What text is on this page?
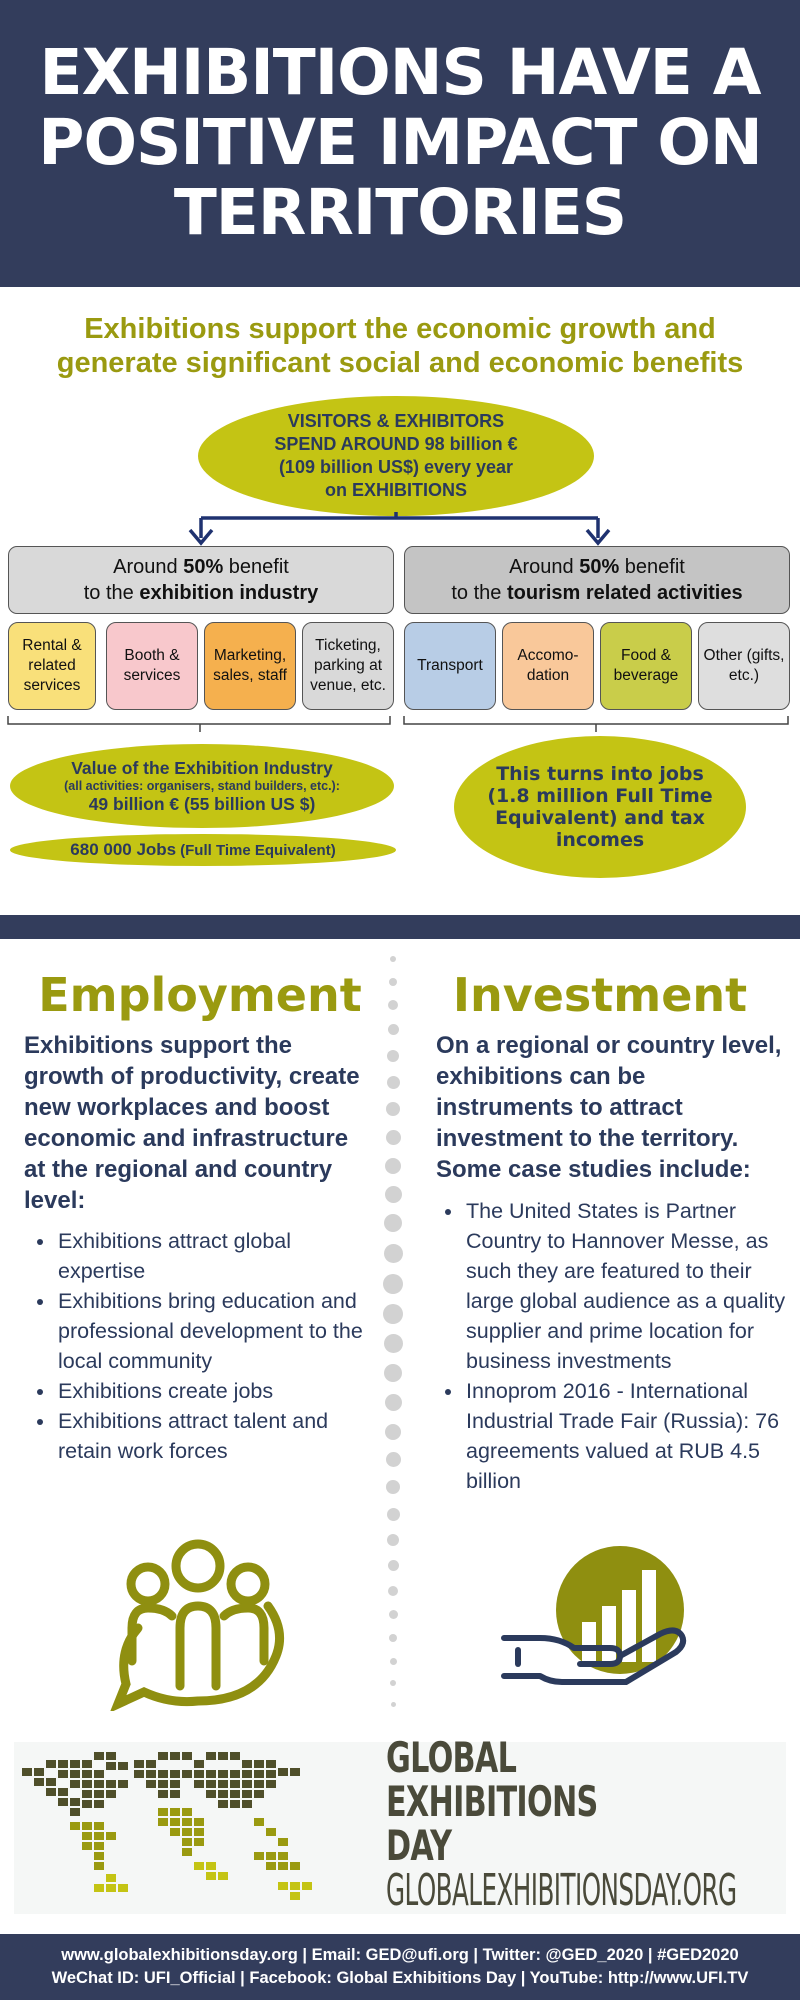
EXHIBITIONS HAVE A
POSITIVE IMPACT ON
TERRITORIES
Exhibitions support the economic growth and
generate significant social and economic benefits
VISITORS & EXHIBITORS
SPEND AROUND 98 billion €
(109 billion US$) every year
on EXHIBITIONS
Around 50% benefit
to the exhibition industry
Around 50% benefit
to the tourism related activities
Rental & related services
Booth & services
Marketing, sales, staff
Ticketing, parking at venue, etc.
Transport
Accomo-dation
Food & beverage
Other (gifts, etc.)
Value of the Exhibition Industry
(all activities: organisers, stand builders, etc.):
49 billion € (55 billion US $)
680 000 Jobs (Full Time Equivalent)
This turns into jobs (1.8 million Full Time Equivalent) and tax incomes
Employment
Exhibitions support the growth of productivity, create new workplaces and boost economic and infrastructure at the regional and country level:
• Exhibitions attract global expertise
• Exhibitions bring education and professional development to the local community
• Exhibitions create jobs
• Exhibitions attract talent and retain work forces
Investment
On a regional or country level, exhibitions can be instruments to attract investment to the territory. Some case studies include:
• The United States is Partner Country to Hannover Messe, as such they are featured to their large global audience as a quality supplier and prime location for business investments
• Innoprom 2016 - International Industrial Trade Fair (Russia): 76 agreements valued at RUB 4.5 billion
GLOBAL
EXHIBITIONS
DAY
GLOBALEXHIBITIONSDAY.ORG
www.globalexhibitionsday.org | Email: GED@ufi.org | Twitter: @GED_2020 | #GED2020
WeChat ID: UFI_Official | Facebook: Global Exhibitions Day | YouTube: http://www.UFI.TV
